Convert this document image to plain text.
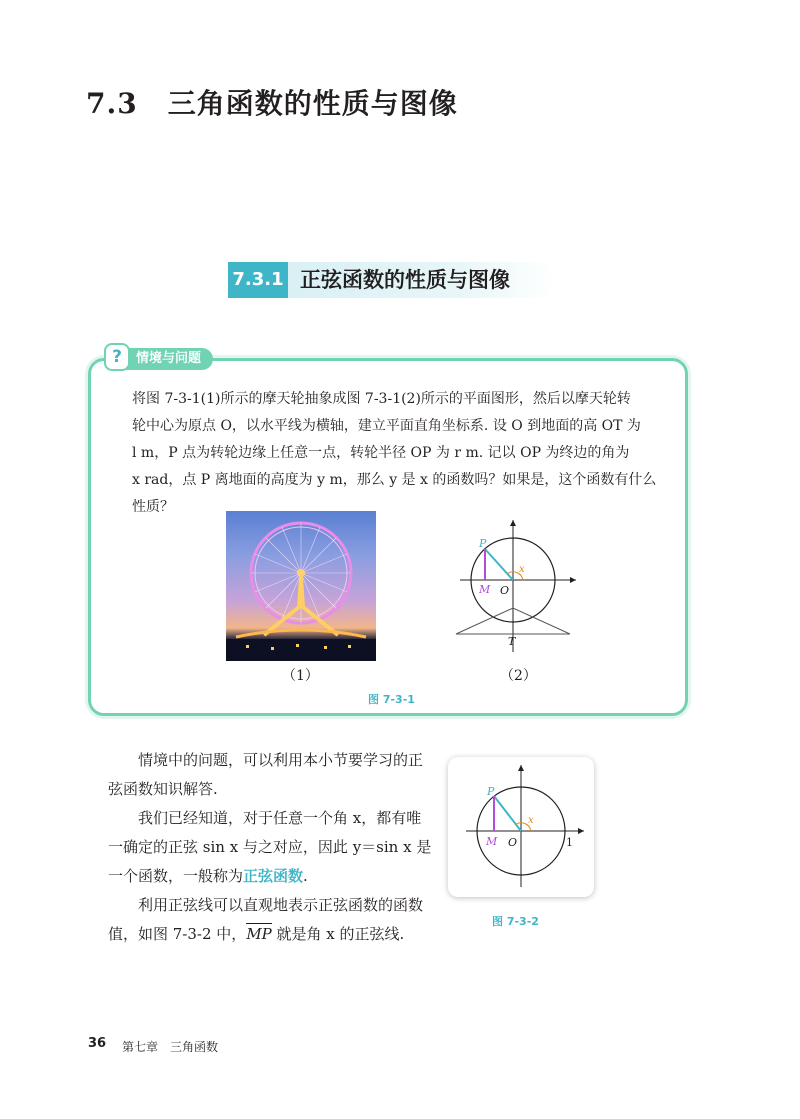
7.3 三角函数的性质与图像
7.3.1 正弦函数的性质与图像
情境与问题
?
将图 7-3-1(1)所示的摩天轮抽象成图 7-3-1(2)所示的平面图形，然后以摩天轮转
轮中心为原点 O，以水平线为横轴，建立平面直角坐标系. 设 O 到地面的高 OT 为
l m，P 点为转轮边缘上任意一点，转轮半径 OP 为 r m. 记以 OP 为终边的角为
x rad，点 P 离地面的高度为 y m，那么 y 是 x 的函数吗？如果是，这个函数有什么
性质？
P
M O
x
T
（1）	（2）
图 7-3-1
情境中的问题，可以利用本小节要学习的正
弦函数知识解答.
我们已经知道，对于任意一个角 x，都有唯
一确定的正弦 sin x 与之对应，因此 y＝sin x 是
一个函数，一般称为正弦函数.
利用正弦线可以直观地表示正弦函数的函数
值，如图 7-3-2 中，
MP 就是角 x 的正弦线.
P
M O
x
1
图 7-3-2
36 第七章　三角函数
